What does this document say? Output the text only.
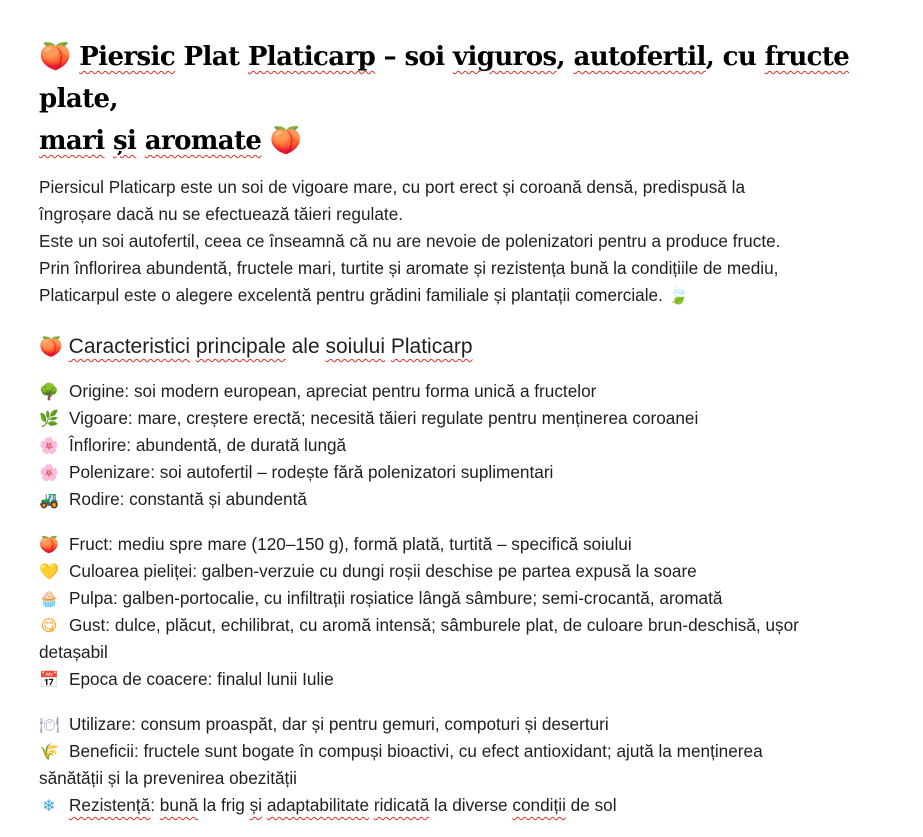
🍑 Piersic Plat Platicarp – soi viguros, autofertil, cu fructe plate,
mari și aromate 🍑

Piersicul Platicarp este un soi de vigoare mare, cu port erect și coroană densă, predispusă la

îngroșare dacă nu se efectuează tăieri regulate.

Este un soi autofertil, ceea ce înseamnă că nu are nevoie de polenizatori pentru a produce fructe.

Prin înflorirea abundentă, fructele mari, turtite și aromate și rezistența bună la condițiile de mediu,

Platicarpul este o alegere excelentă pentru grădini familiale și plantații comerciale. 🍃

🍑 Caracteristici principale ale soiului Platicarp
🌳 Origine: soi modern european, apreciat pentru forma unică a fructelor
🌿 Vigoare: mare, creștere erectă; necesită tăieri regulate pentru menținerea coroanei
🌸 Înflorire: abundentă, de durată lungă
🌸 Polenizare: soi autofertil – rodește fără polenizatori suplimentari
🚜 Rodire: constantă și abundentă
🍑 Fruct: mediu spre mare (120–150 g), formă plată, turtită – specifică soiului
💛 Culoarea pieliței: galben-verzuie cu dungi roșii deschise pe partea expusă la soare
🧁 Pulpa: galben-portocalie, cu infiltrații roșiatice lângă sâmbure; semi-crocantă, aromată
😋 Gust: dulce, plăcut, echilibrat, cu aromă intensă; sâmburele plat, de culoare brun-deschisă, ușor
detașabil
📅 Epoca de coacere: finalul lunii Iulie
🍽 Utilizare: consum proaspăt, dar și pentru gemuri, compoturi și deserturi
🌾 Beneficii: fructele sunt bogate în compuși bioactivi, cu efect antioxidant; ajută la menținerea
sănătății și la prevenirea obezității
❄ Rezistență: bună la frig și adaptabilitate ridicată la diverse condiții de sol
